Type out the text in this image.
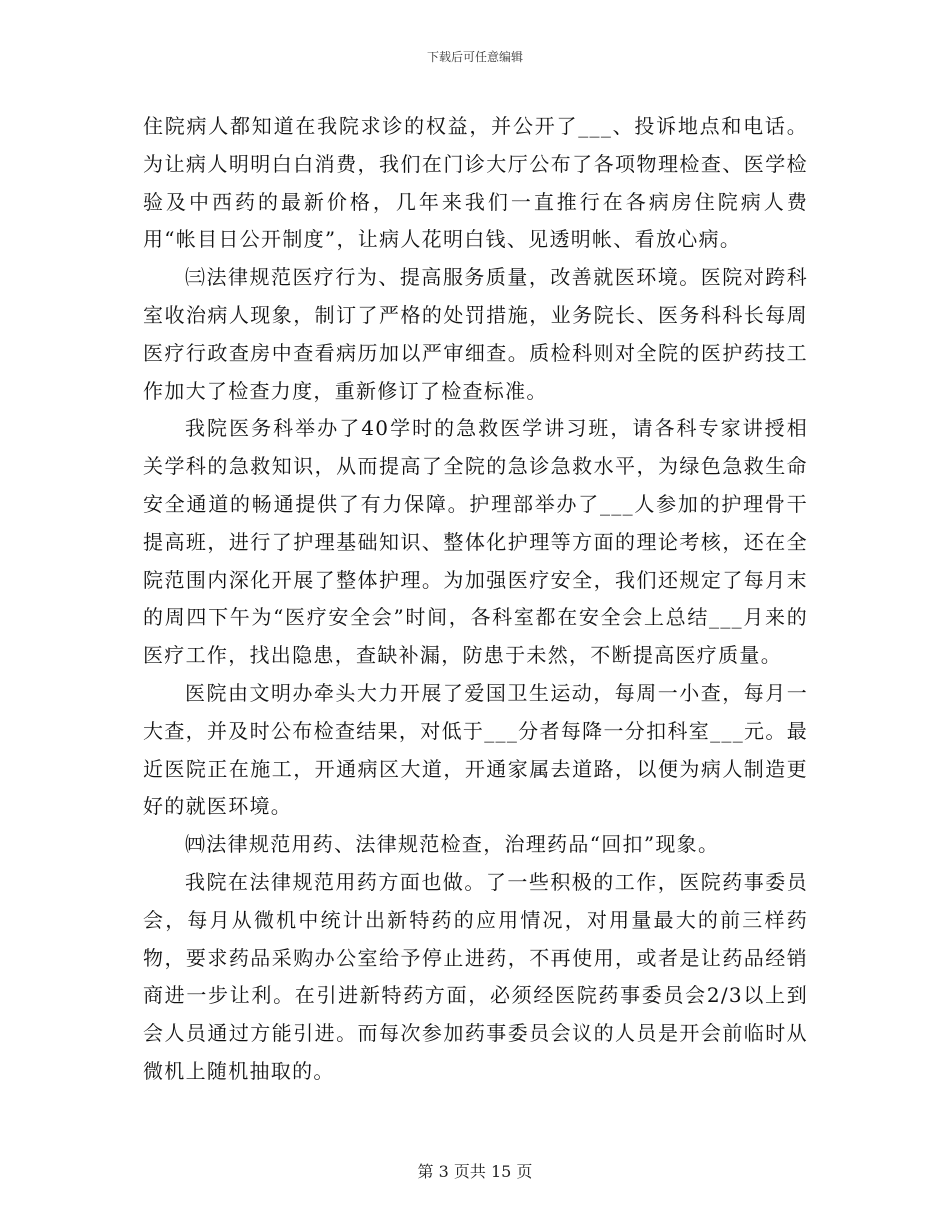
下载后可任意编辑

住院病人都知道在我院求诊的权益，并公开了___、投诉地点和电话。为让病人明明白白消费，我们在门诊大厅公布了各项物理检查、医学检验及中西药的最新价格，几年来我们一直推行在各病房住院病人费用“帐目日公开制度”，让病人花明白钱、见透明帐、看放心病。

㈢法律规范医疗行为、提高服务质量，改善就医环境。医院对跨科室收治病人现象，制订了严格的处罚措施，业务院长、医务科科长每周医疗行政查房中查看病历加以严审细查。质检科则对全院的医护药技工作加大了检查力度，重新修订了检查标准。

我院医务科举办了40学时的急救医学讲习班，请各科专家讲授相关学科的急救知识，从而提高了全院的急诊急救水平，为绿色急救生命安全通道的畅通提供了有力保障。护理部举办了___人参加的护理骨干提高班，进行了护理基础知识、整体化护理等方面的理论考核，还在全院范围内深化开展了整体护理。为加强医疗安全，我们还规定了每月末的周四下午为“医疗安全会”时间，各科室都在安全会上总结___月来的医疗工作，找出隐患，查缺补漏，防患于未然，不断提高医疗质量。

医院由文明办牵头大力开展了爱国卫生运动，每周一小查，每月一大查，并及时公布检查结果，对低于___分者每降一分扣科室___元。最近医院正在施工，开通病区大道，开通家属去道路，以便为病人制造更好的就医环境。

㈣法律规范用药、法律规范检查，治理药品“回扣”现象。

我院在法律规范用药方面也做。了一些积极的工作，医院药事委员会，每月从微机中统计出新特药的应用情况，对用量最大的前三样药物，要求药品采购办公室给予停止进药，不再使用，或者是让药品经销商进一步让利。在引进新特药方面，必须经医院药事委员会2/3以上到会人员通过方能引进。而每次参加药事委员会议的人员是开会前临时从微机上随机抽取的。

第 3 页共 15 页
